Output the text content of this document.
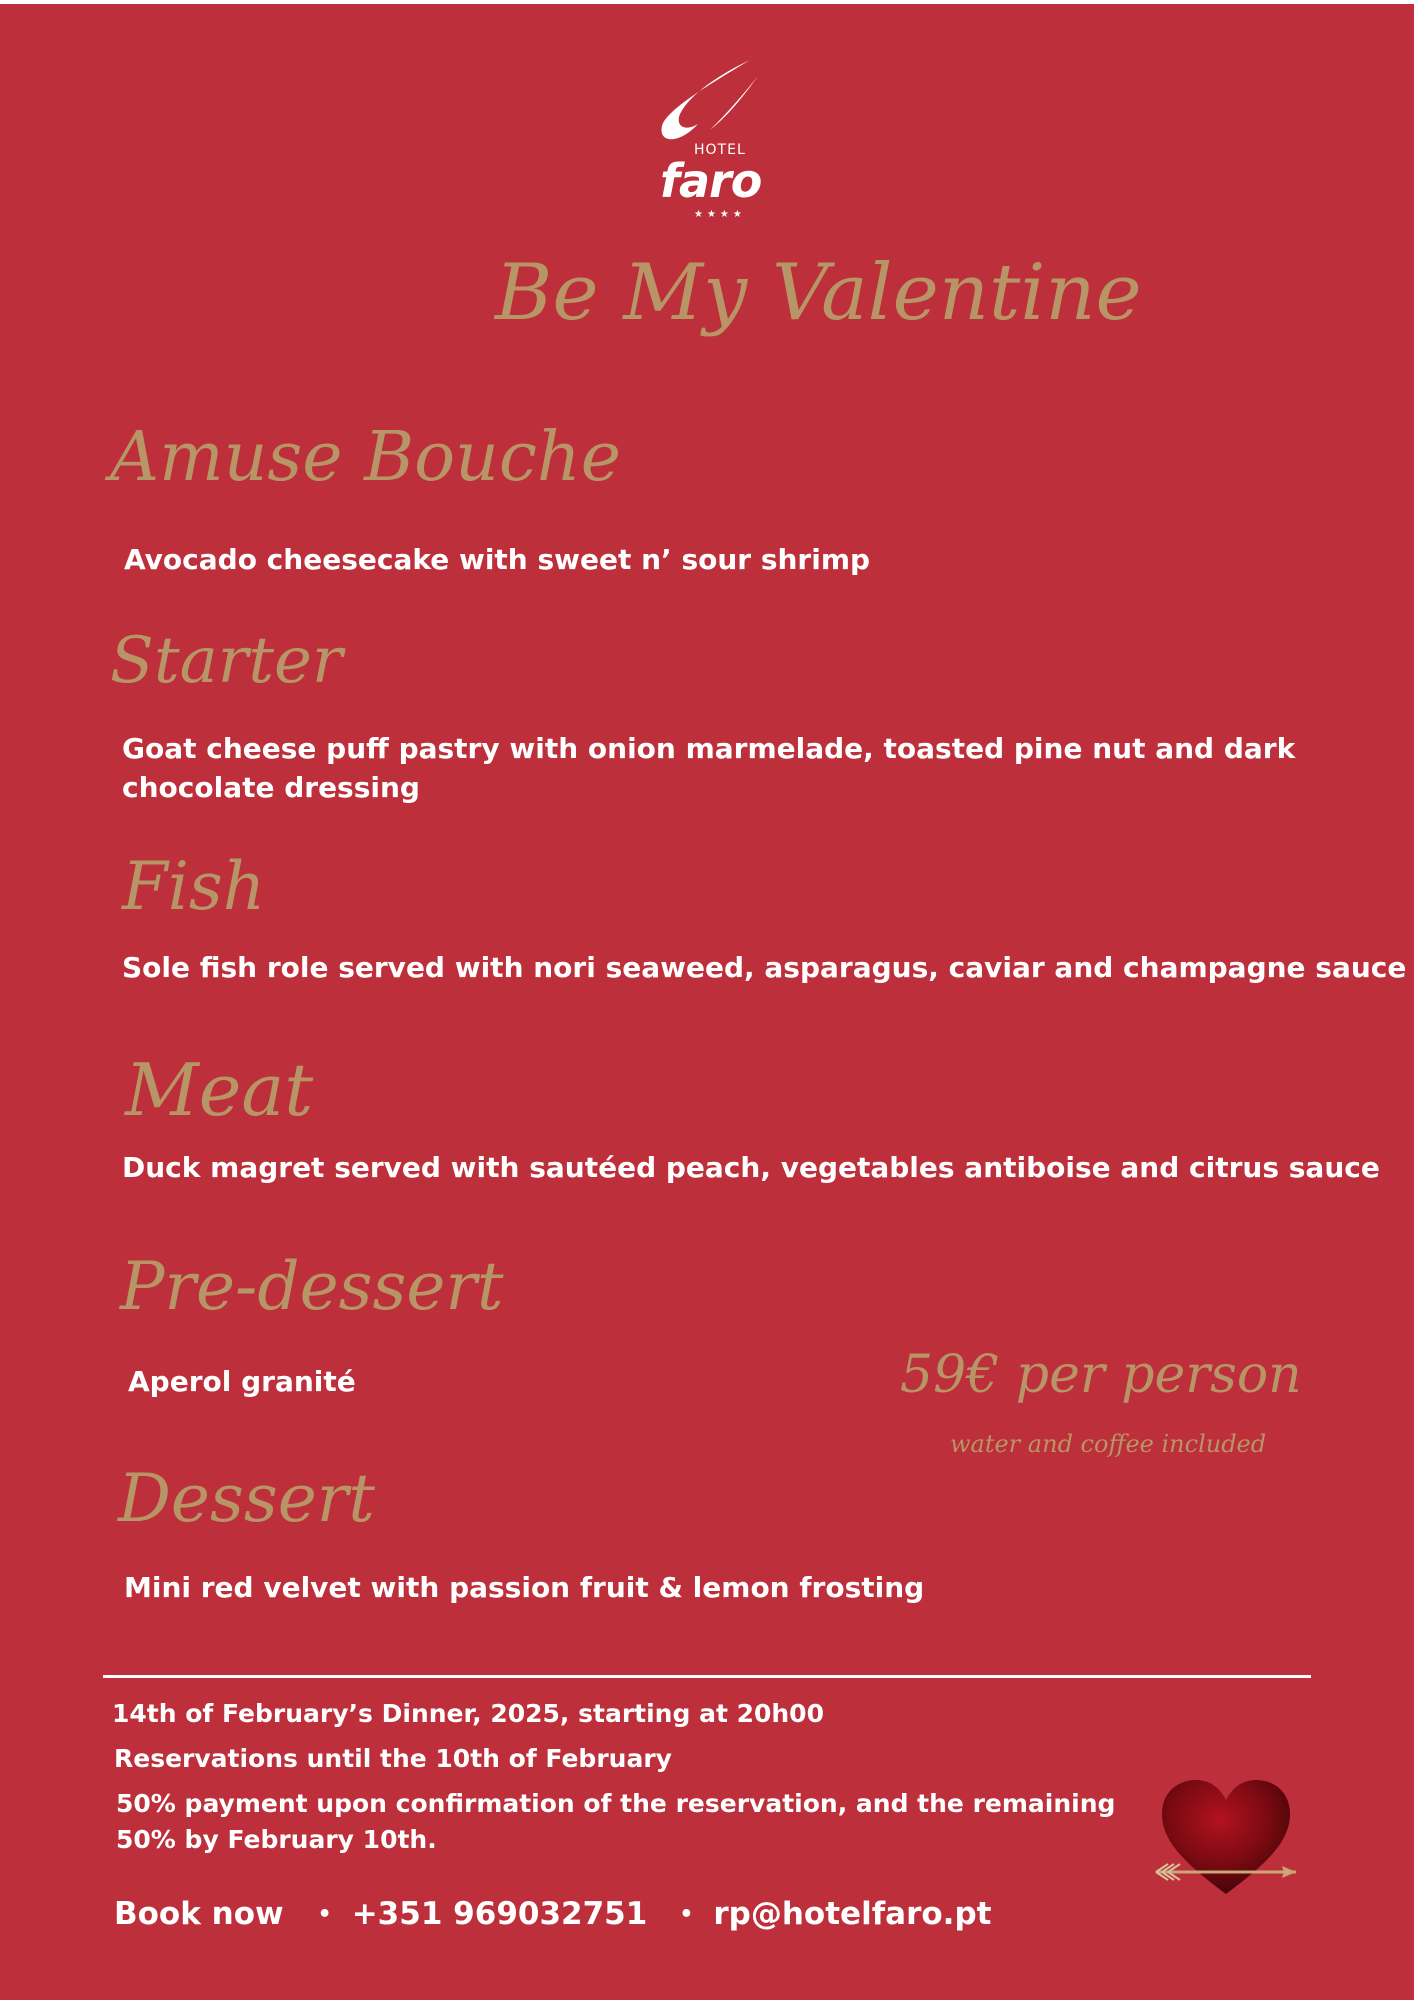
HOTEL
faro
★★★★
Be My Valentine
Amuse Bouche
Avocado cheesecake with sweet n’ sour shrimp
Starter
Goat cheese puff pastry with onion marmelade, toasted pine nut and dark
chocolate dressing
Fish
Sole fish role served with nori seaweed, asparagus, caviar and champagne sauce
Meat
Duck magret served with sautéed peach, vegetables antiboise and citrus sauce
Pre-dessert
Aperol granité	59€ per person
water and coffee included
Dessert
Mini red velvet with passion fruit & lemon frosting
14th of February’s Dinner, 2025, starting at 20h00
Reservations until the 10th of February
50% payment upon confirmation of the reservation, and the remaining
50% by February 10th.
Book now • +351 969032751 • rp@hotelfaro.pt
